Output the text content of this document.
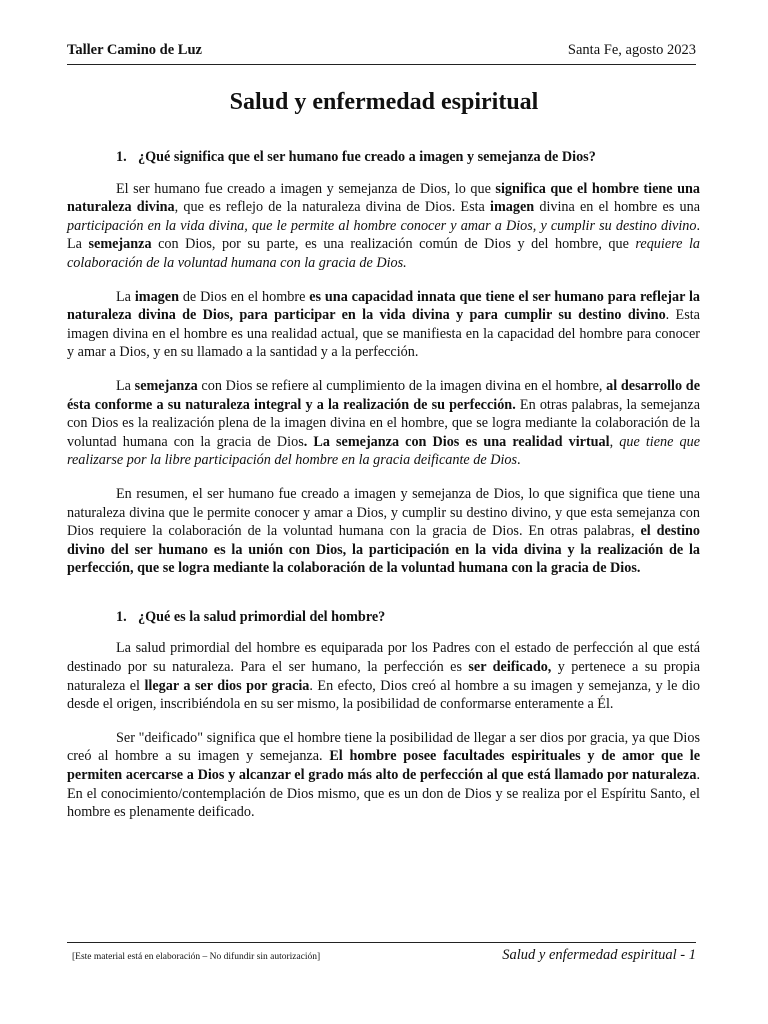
Taller Camino de Luz	Santa Fe, agosto 2023
Salud y enfermedad espiritual
1. ¿Qué significa que el ser humano fue creado a imagen y semejanza de Dios?

El ser humano fue creado a imagen y semejanza de Dios, lo que significa que el hombre tiene una naturaleza divina, que es reflejo de la naturaleza divina de Dios. Esta imagen divina en el hombre es una participación en la vida divina, que le permite al hombre conocer y amar a Dios, y cumplir su destino divino. La semejanza con Dios, por su parte, es una realización común de Dios y del hombre, que requiere la colaboración de la voluntad humana con la gracia de Dios.

La imagen de Dios en el hombre es una capacidad innata que tiene el ser humano para reflejar la naturaleza divina de Dios, para participar en la vida divina y para cumplir su destino divino. Esta imagen divina en el hombre es una realidad actual, que se manifiesta en la capacidad del hombre para conocer y amar a Dios, y en su llamado a la santidad y a la perfección.

La semejanza con Dios se refiere al cumplimiento de la imagen divina en el hombre, al desarrollo de ésta conforme a su naturaleza integral y a la realización de su perfección. En otras palabras, la semejanza con Dios es la realización plena de la imagen divina en el hombre, que se logra mediante la colaboración de la voluntad humana con la gracia de Dios. La semejanza con Dios es una realidad virtual, que tiene que realizarse por la libre participación del hombre en la gracia deificante de Dios.

En resumen, el ser humano fue creado a imagen y semejanza de Dios, lo que significa que tiene una naturaleza divina que le permite conocer y amar a Dios, y cumplir su destino divino, y que esta semejanza con Dios requiere la colaboración de la voluntad humana con la gracia de Dios. En otras palabras, el destino divino del ser humano es la unión con Dios, la participación en la vida divina y la realización de la perfección, que se logra mediante la colaboración de la voluntad humana con la gracia de Dios.

1. ¿Qué es la salud primordial del hombre?

La salud primordial del hombre es equiparada por los Padres con el estado de perfección al que está destinado por su naturaleza. Para el ser humano, la perfección es ser deificado, y pertenece a su propia naturaleza el llegar a ser dios por gracia. En efecto, Dios creó al hombre a su imagen y semejanza, y le dio desde el origen, inscribiéndola en su ser mismo, la posibilidad de conformarse enteramente a Él.

Ser "deificado" significa que el hombre tiene la posibilidad de llegar a ser dios por gracia, ya que Dios creó al hombre a su imagen y semejanza. El hombre posee facultades espirituales y de amor que le permiten acercarse a Dios y alcanzar el grado más alto de perfección al que está llamado por naturaleza. En el conocimiento/contemplación de Dios mismo, que es un don de Dios y se realiza por el Espíritu Santo, el hombre es plenamente deificado.

[Este material está en elaboración – No difundir sin autorización]	Salud y enfermedad espiritual - 1
